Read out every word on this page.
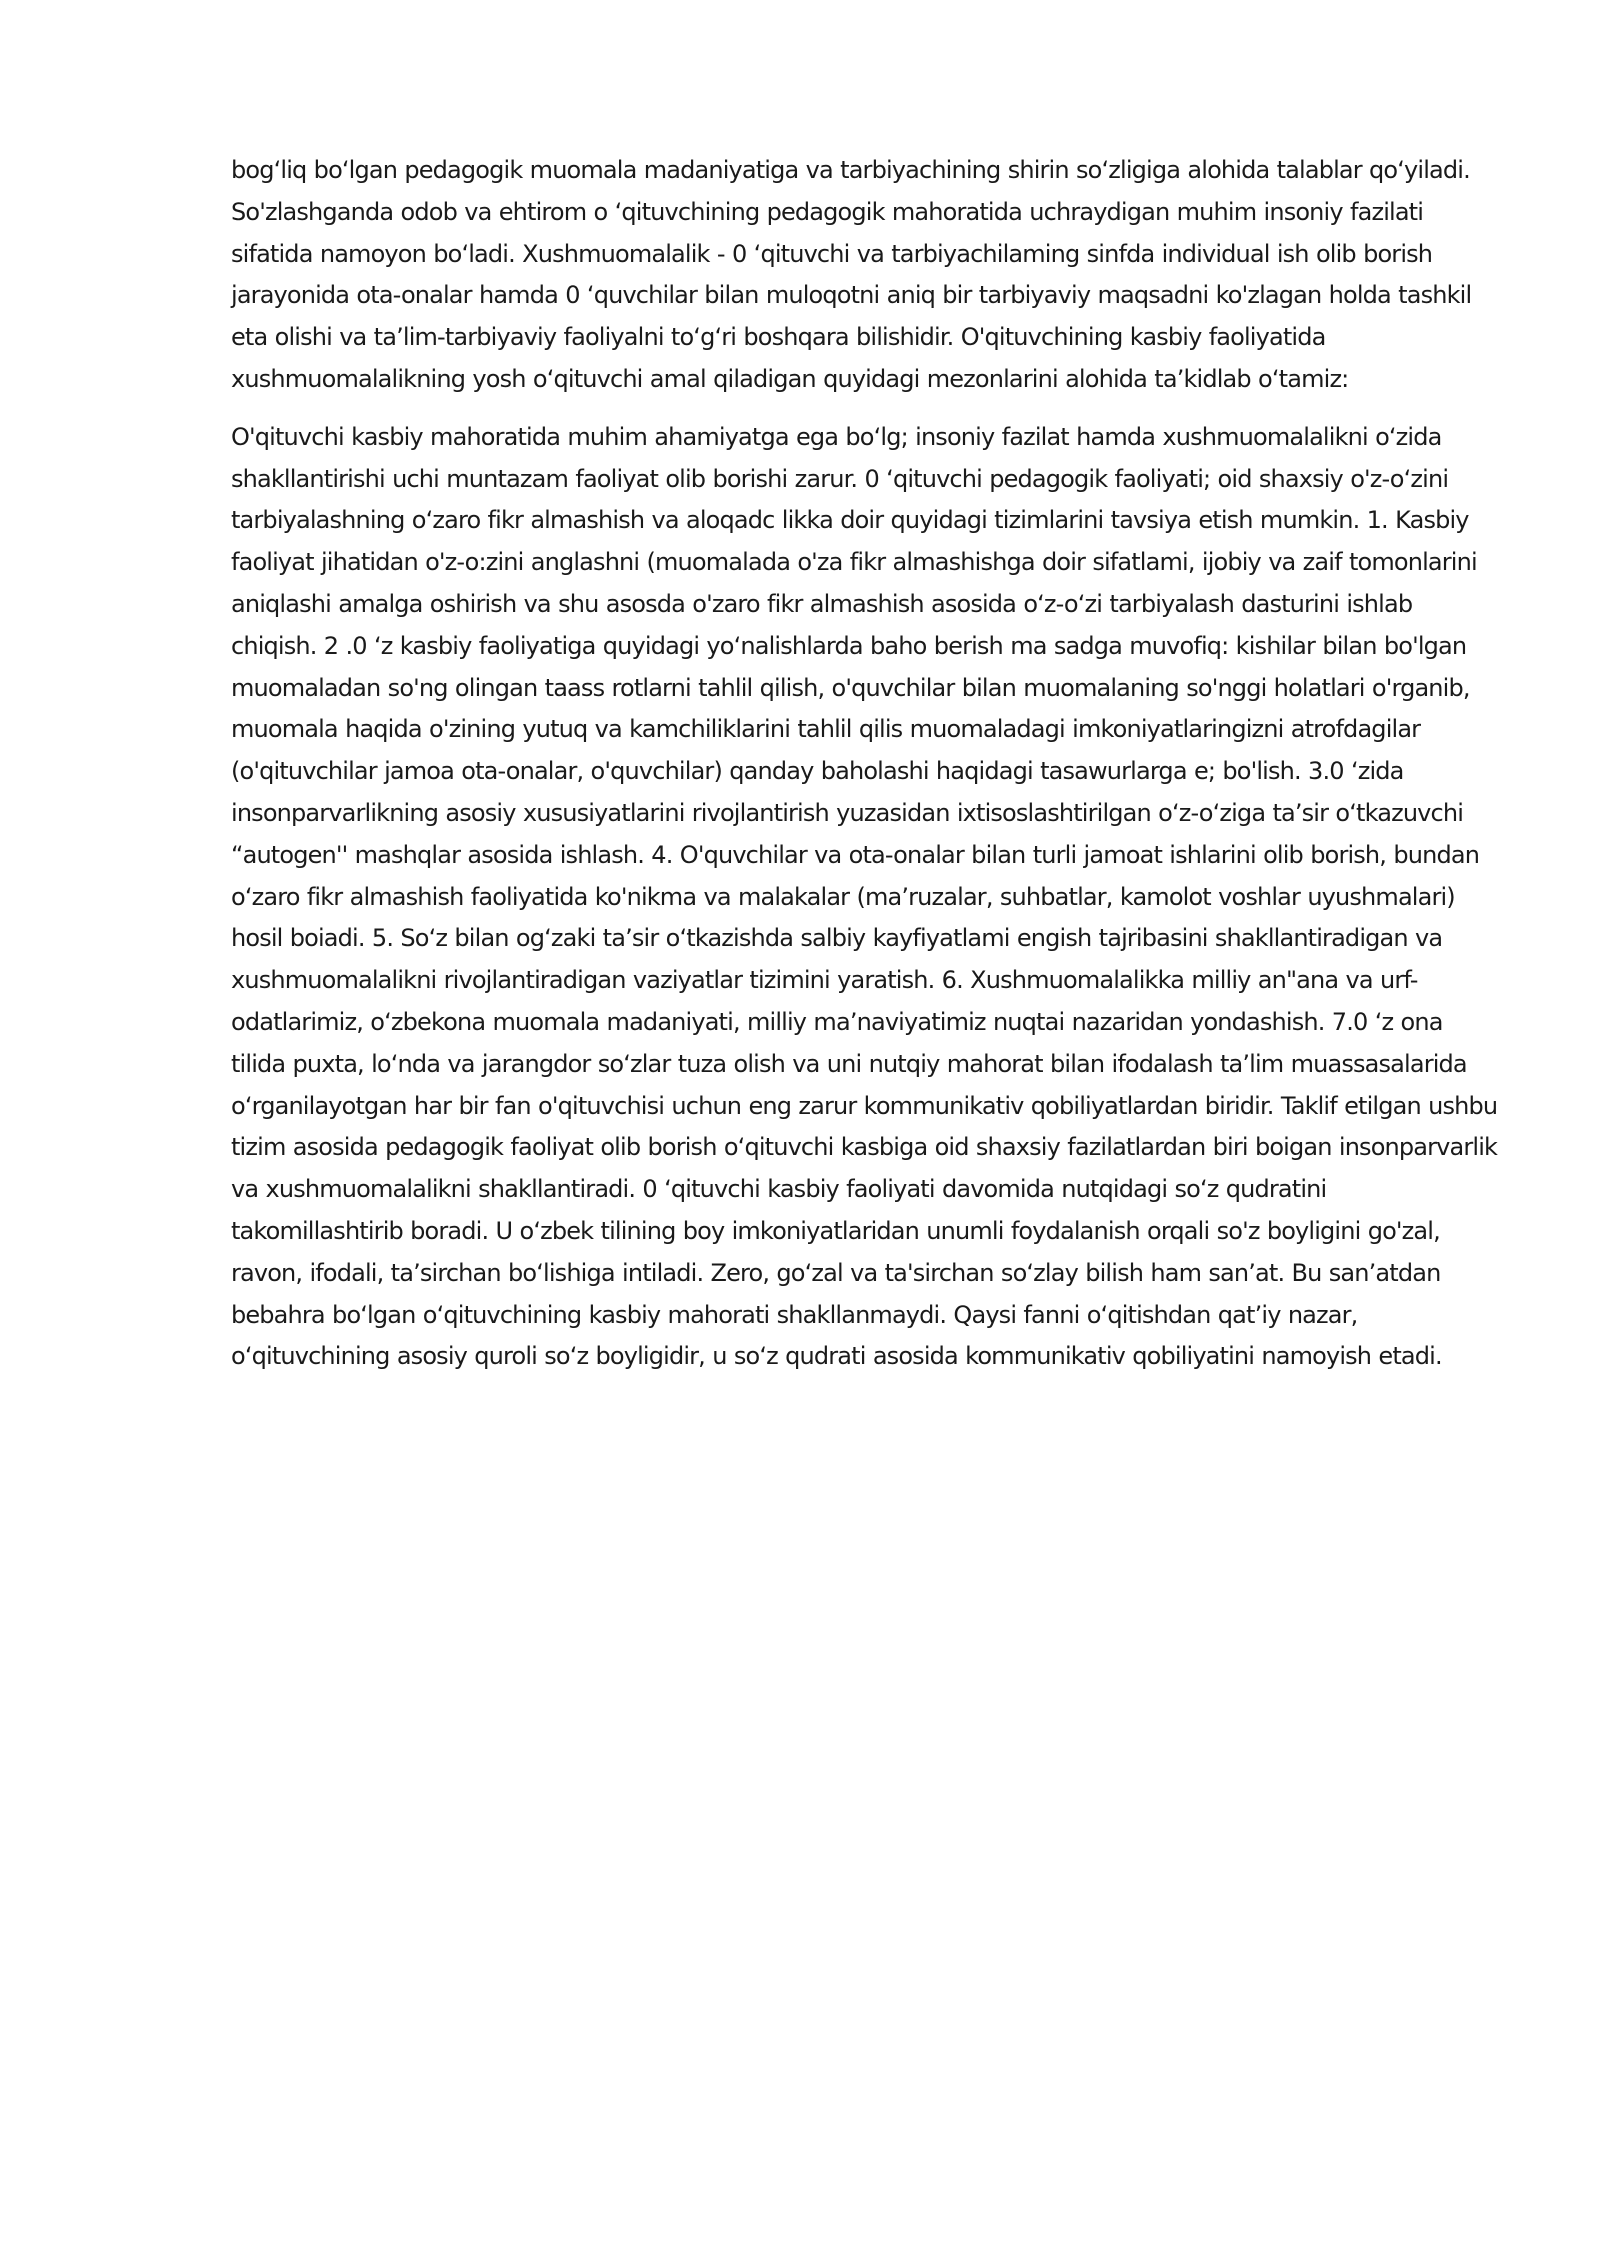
bog‘liq bo‘lgan pedagogik muomala madaniyatiga va tarbiyachining shirin so‘zligiga alohida talablar qo‘yiladi. So'zlashganda odob va ehtirom o ‘qituvchining pedagogik mahoratida uchraydigan muhim insoniy fazilati sifatida namoyon bo‘ladi. Xushmuomalalik - 0 ‘qituvchi va tarbiyachilaming sinfda individual ish olib borish jarayonida ota-onalar hamda 0 ‘quvchilar bilan muloqotni aniq bir tarbiyaviy maqsadni ko'zlagan holda tashkil eta olishi va ta’lim-tarbiyaviy faoliyalni to‘g‘ri boshqara bilishidir. O'qituvchining kasbiy faoliyatida xushmuomalalikning yosh o‘qituvchi amal qiladigan quyidagi mezonlarini alohida ta’kidlab o‘tamiz:

O'qituvchi kasbiy mahoratida muhim ahamiyatga ega bo‘lg; insoniy fazilat hamda xushmuomalalikni o‘zida shakllantirishi uchi muntazam faoliyat olib borishi zarur. 0 ‘qituvchi pedagogik faoliyati; oid shaxsiy o'z-o‘zini tarbiyalashning o‘zaro fikr almashish va aloqadc likka doir quyidagi tizimlarini tavsiya etish mumkin. 1. Kasbiy faoliyat jihatidan o'z-o:zini anglashni (muomalada o'za fikr almashishga doir sifatlami, ijobiy va zaif tomonlarini aniqlashi amalga oshirish va shu asosda o'zaro fikr almashish asosida o‘z-o‘zi tarbiyalash dasturini ishlab chiqish. 2 .0 ‘z kasbiy faoliyatiga quyidagi yo‘nalishlarda baho berish ma sadga muvofiq: kishilar bilan bo'lgan muomaladan so'ng olingan taass rotlarni tahlil qilish, o'quvchilar bilan muomalaning so'nggi holatlari o'rganib, muomala haqida o'zining yutuq va kamchiliklarini tahlil qilis muomaladagi imkoniyatlaringizni atrofdagilar (o'qituvchilar jamoa ota-onalar, o'quvchilar) qanday baholashi haqidagi tasawurlarga e; bo'lish. 3.0 ‘zida insonparvarlikning asosiy xususiyatlarini rivojlantirish yuzasidan ixtisoslashtirilgan o‘z-o‘ziga ta’sir o‘tkazuvchi “autogen'' mashqlar asosida ishlash. 4. O'quvchilar va ota-onalar bilan turli jamoat ishlarini olib borish, bundan o‘zaro fikr almashish faoliyatida ko'nikma va malakalar (ma’ruzalar, suhbatlar, kamolot voshlar uyushmalari) hosil boiadi. 5. So‘z bilan og‘zaki ta’sir o‘tkazishda salbiy kayfiyatlami engish tajribasini shakllantiradigan va xushmuomalalikni rivojlantiradigan vaziyatlar tizimini yaratish. 6. Xushmuomalalikka milliy an"ana va urf-odatlarimiz, o‘zbekona muomala madaniyati, milliy ma’naviyatimiz nuqtai nazaridan yondashish. 7.0 ‘z ona tilida puxta, lo‘nda va jarangdor so‘zlar tuza olish va uni nutqiy mahorat bilan ifodalash ta’lim muassasalarida o‘rganilayotgan har bir fan o'qituvchisi uchun eng zarur kommunikativ qobiliyatlardan biridir. Taklif etilgan ushbu tizim asosida pedagogik faoliyat olib borish o‘qituvchi kasbiga oid shaxsiy fazilatlardan biri boigan insonparvarlik va xushmuomalalikni shakllantiradi. 0 ‘qituvchi kasbiy faoliyati davomida nutqidagi so‘z qudratini takomillashtirib boradi. U o‘zbek tilining boy imkoniyatlaridan unumli foydalanish orqali so'z boyligini go'zal, ravon, ifodali, ta’sirchan bo‘lishiga intiladi. Zero, go‘zal va ta'sirchan so‘zlay bilish ham san’at. Bu san’atdan bebahra bo‘lgan o‘qituvchining kasbiy mahorati shakllanmaydi. Qaysi fanni o‘qitishdan qat’iy nazar, o‘qituvchining asosiy quroli so‘z boyligidir, u so‘z qudrati asosida kommunikativ qobiliyatini namoyish etadi.
